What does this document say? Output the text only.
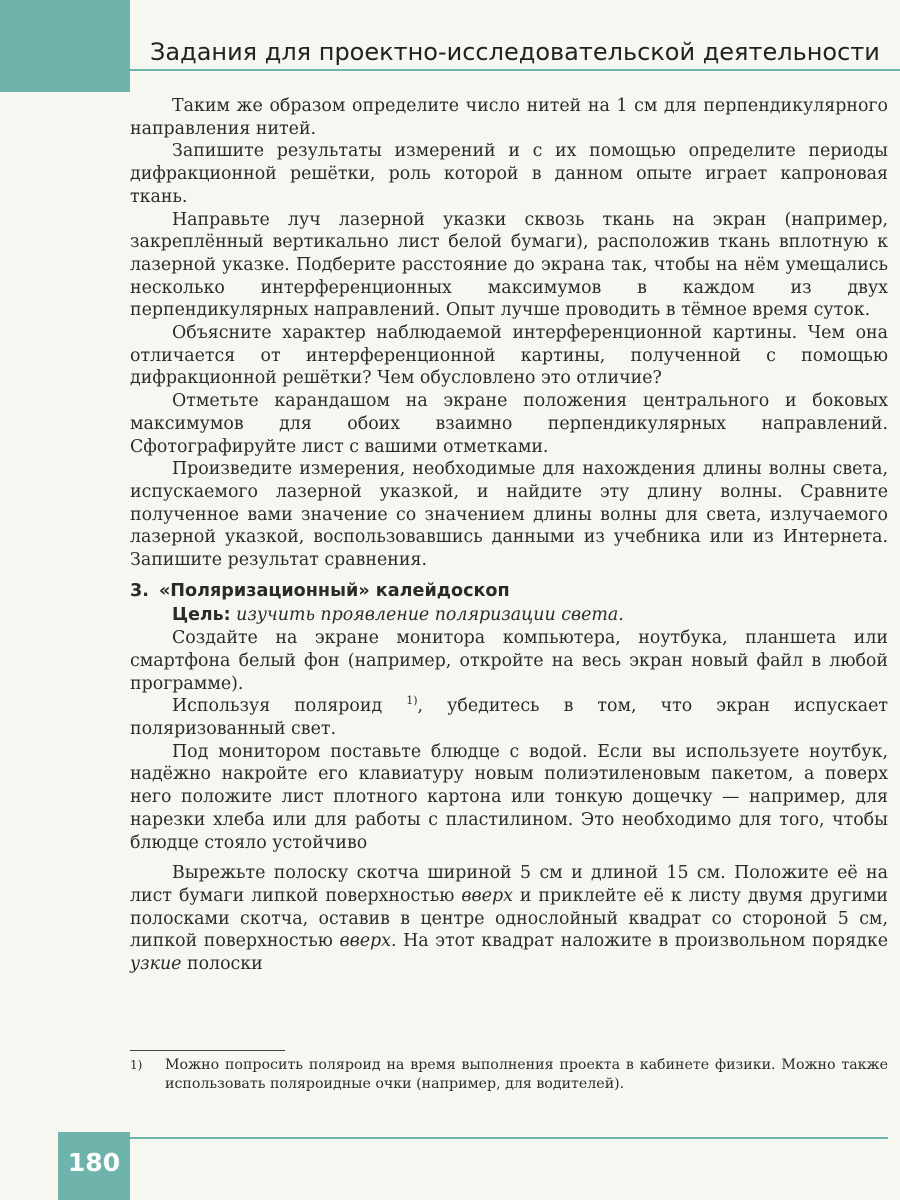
Задания для проектно-исследовательской деятельности

Таким же образом определите число нитей на 1 см для перпендикулярного направления нитей.

Запишите результаты измерений и с их помощью определите периоды дифракционной решётки, роль которой в данном опыте играет капроновая ткань.

Направьте луч лазерной указки сквозь ткань на экран (например, закреплённый вертикально лист белой бумаги), расположив ткань вплотную к лазерной указке. Подберите расстояние до экрана так, чтобы на нём умещались несколько интерференционных максимумов в каждом из двух перпендикулярных направлений. Опыт лучше проводить в тёмное время суток.

Объясните характер наблюдаемой интерференционной картины. Чем она отличается от интерференционной картины, полученной с помощью дифракционной решётки? Чем обусловлено это отличие?

Отметьте карандашом на экране положения центрального и боковых максимумов для обоих взаимно перпендикулярных направлений. Сфотографируйте лист с вашими отметками.

Произведите измерения, необходимые для нахождения длины волны света, испускаемого лазерной указкой, и найдите эту длину волны. Сравните полученное вами значение со значением длины волны для света, излучаемого лазерной указкой, воспользовавшись данными из учебника или из Интернета. Запишите результат сравнения.

3. «Поляризационный» калейдоскоп

Цель: изучить проявление поляризации света.

Создайте на экране монитора компьютера, ноутбука, планшета или смартфона белый фон (например, откройте на весь экран новый файл в любой программе).

Используя поляроид $^{1)}$, убедитесь в том, что экран испускает поляризованный свет.

Под монитором поставьте блюдце с водой. Если вы используете ноутбук, надёжно накройте его клавиатуру новым полиэтиленовым пакетом, а поверх него положите лист плотного картона или тонкую дощечку — например, для нарезки хлеба или для работы с пластилином. Это необходимо для того, чтобы блюдце стояло устойчиво

Вырежьте полоску скотча шириной 5 см и длиной 15 см. Положите её на лист бумаги липкой поверхностью вверх и приклейте её к листу двумя другими полосками скотча, оставив в центре однослойный квадрат со стороной 5 см, липкой поверхностью вверх. На этот квадрат наложите в произвольном порядке узкие полоски

1) Можно попросить поляроид на время выполнения проекта в кабинете физики. Можно также использовать поляроидные очки (например, для водителей).
180
